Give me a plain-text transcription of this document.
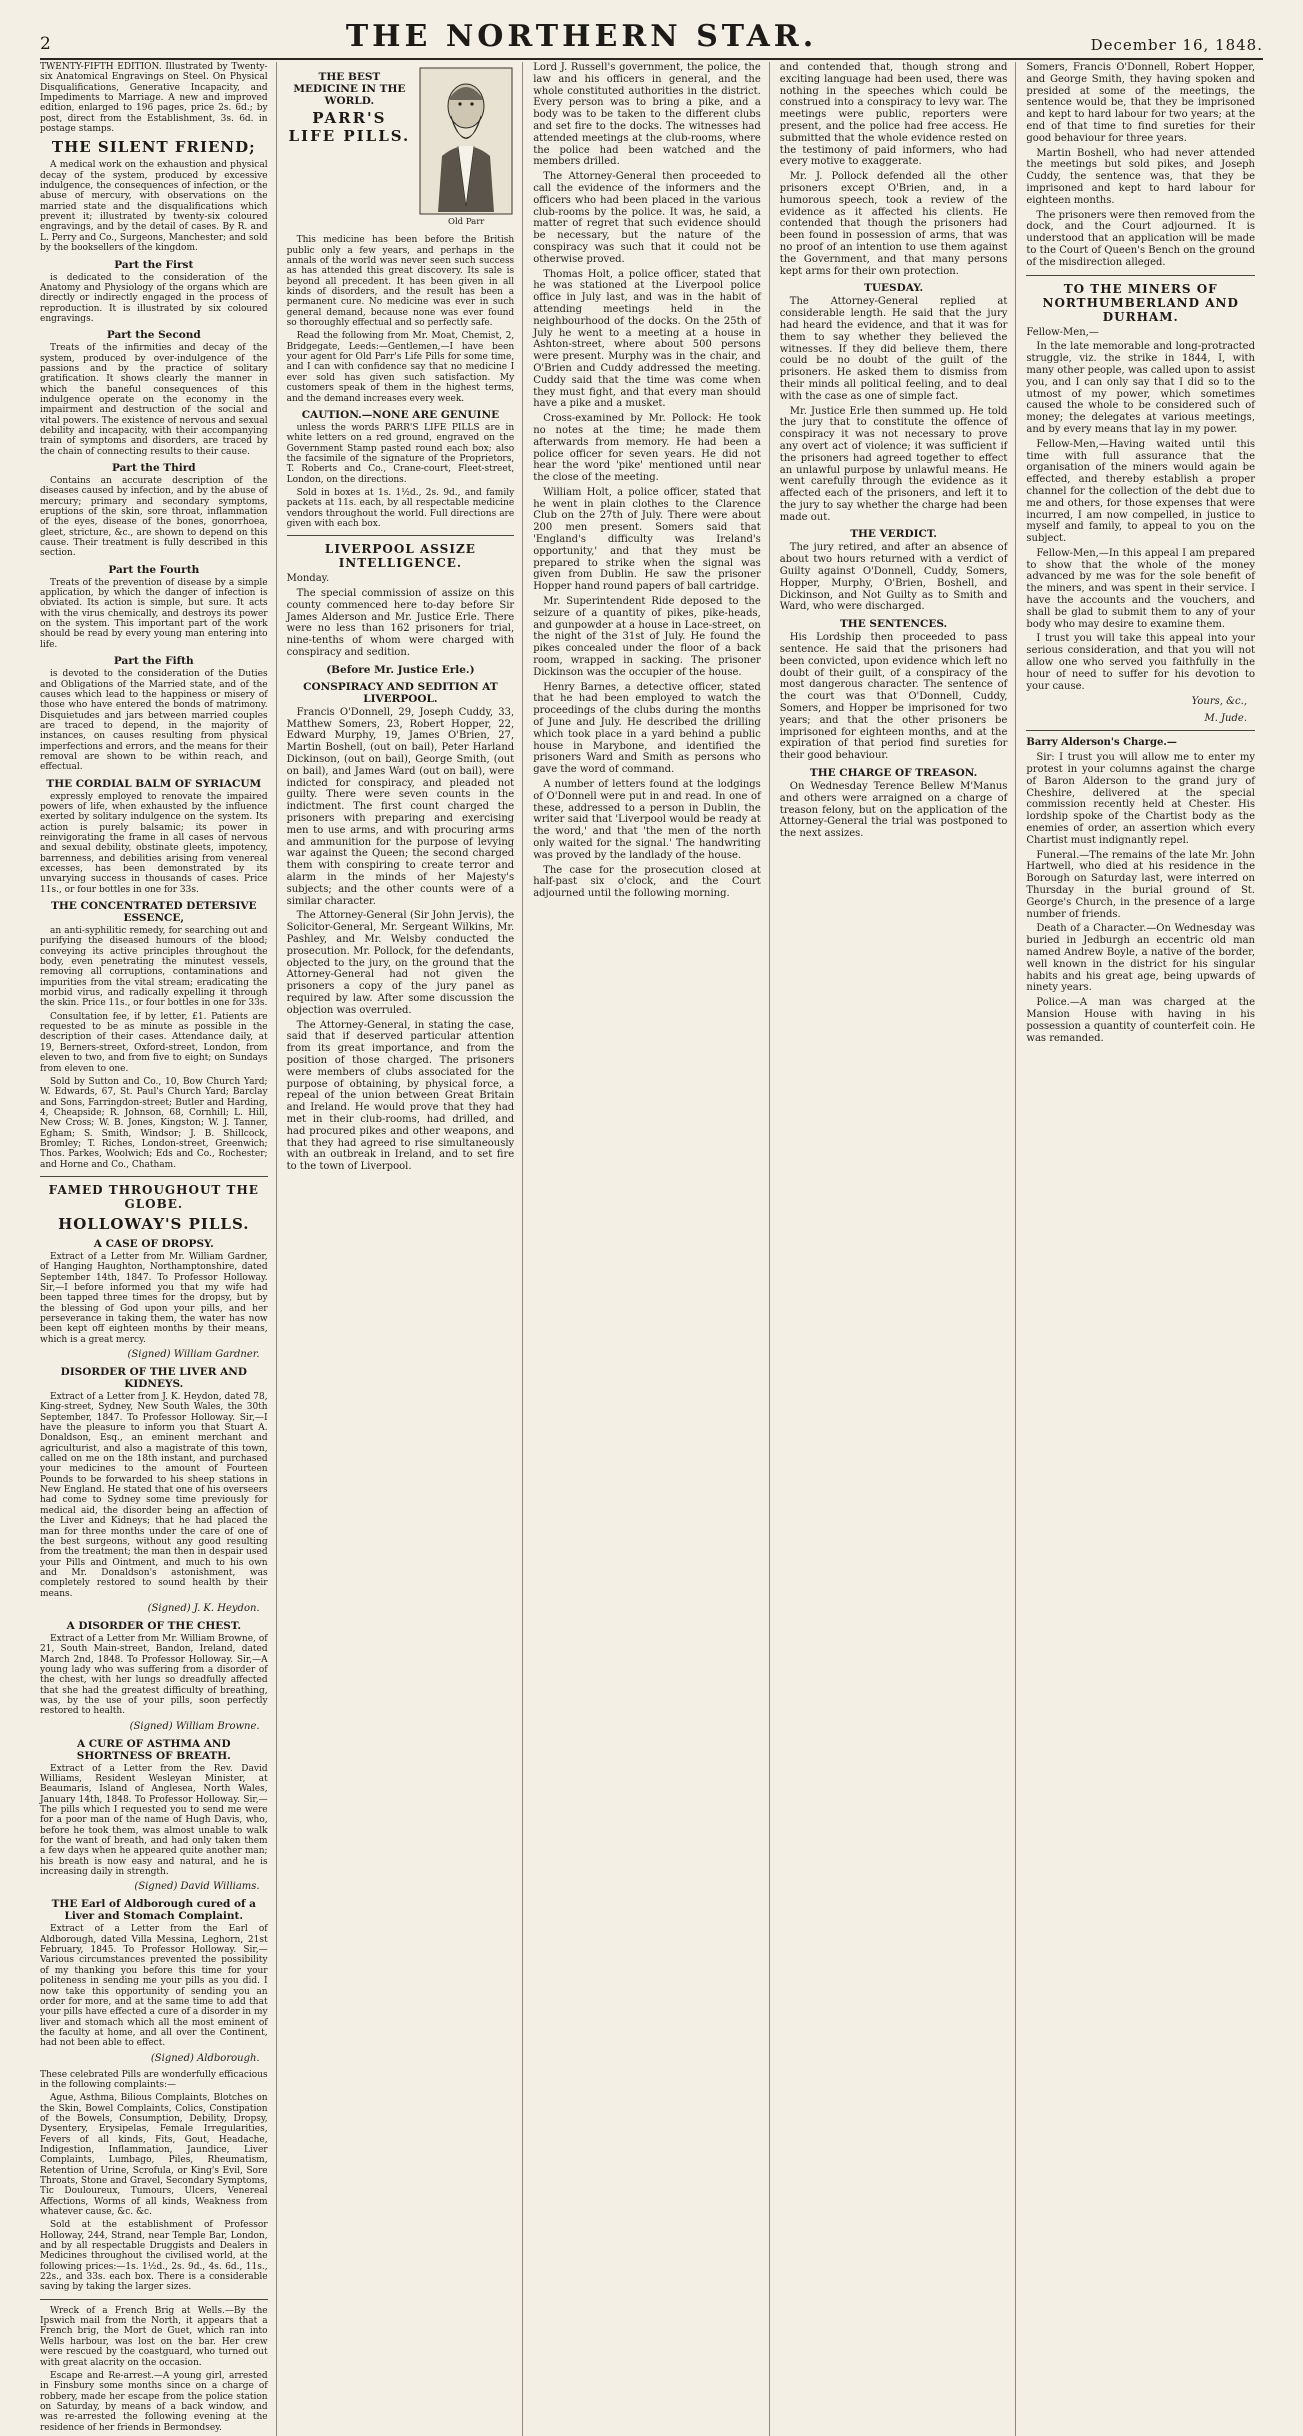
2	THE NORTHERN STAR.	December 16, 1848.

TWENTY-FIFTH EDITION. Illustrated by Twenty-six Anatomical Engravings on Steel. On Physical Disqualifications, Generative Incapacity, and Impediments to Marriage. A new and improved edition, enlarged to 196 pages, price 2s. 6d.; by post, direct from the Establishment, 3s. 6d. in postage stamps.

THE SILENT FRIEND;

A medical work on the exhaustion and physical decay of the system, produced by excessive indulgence, the consequences of infection, or the abuse of mercury, with observations on the married state and the disqualifications which prevent it; illustrated by twenty-six coloured engravings, and by the detail of cases. By R. and L. Perry and Co., Surgeons, Manchester; and sold by the booksellers of the kingdom.

Part the First

is dedicated to the consideration of the Anatomy and Physiology of the organs which are directly or indirectly engaged in the process of reproduction. It is illustrated by six coloured engravings.

Part the Second

Treats of the infirmities and decay of the system, produced by over-indulgence of the passions and by the practice of solitary gratification. It shows clearly the manner in which the baneful consequences of this indulgence operate on the economy in the impairment and destruction of the social and vital powers. The existence of nervous and sexual debility and incapacity, with their accompanying train of symptoms and disorders, are traced by the chain of connecting results to their cause.

Part the Third

Contains an accurate description of the diseases caused by infection, and by the abuse of mercury; primary and secondary symptoms, eruptions of the skin, sore throat, inflammation of the eyes, disease of the bones, gonorrhoea, gleet, stricture, &c., are shown to depend on this cause. Their treatment is fully described in this section.

Part the Fourth

Treats of the prevention of disease by a simple application, by which the danger of infection is obviated. Its action is simple, but sure. It acts with the virus chemically, and destroys its power on the system. This important part of the work should be read by every young man entering into life.

Part the Fifth

is devoted to the consideration of the Duties and Obligations of the Married state, and of the causes which lead to the happiness or misery of those who have entered the bonds of matrimony. Disquietudes and jars between married couples are traced to depend, in the majority of instances, on causes resulting from physical imperfections and errors, and the means for their removal are shown to be within reach, and effectual.

THE CORDIAL BALM OF SYRIACUM

expressly employed to renovate the impaired powers of life, when exhausted by the influence exerted by solitary indulgence on the system. Its action is purely balsamic; its power in reinvigorating the frame in all cases of nervous and sexual debility, obstinate gleets, impotency, barrenness, and debilities arising from venereal excesses, has been demonstrated by its unvarying success in thousands of cases. Price 11s., or four bottles in one for 33s.

THE CONCENTRATED DETERSIVE ESSENCE,

an anti-syphilitic remedy, for searching out and purifying the diseased humours of the blood; conveying its active principles throughout the body, even penetrating the minutest vessels, removing all corruptions, contaminations and impurities from the vital stream; eradicating the morbid virus, and radically expelling it through the skin. Price 11s., or four bottles in one for 33s.

Consultation fee, if by letter, £1. Patients are requested to be as minute as possible in the description of their cases. Attendance daily, at 19, Berners-street, Oxford-street, London, from eleven to two, and from five to eight; on Sundays from eleven to one.

Sold by Sutton and Co., 10, Bow Church Yard; W. Edwards, 67, St. Paul's Church Yard; Barclay and Sons, Farringdon-street; Butler and Harding, 4, Cheapside; R. Johnson, 68, Cornhill; L. Hill, New Cross; W. B. Jones, Kingston; W. J. Tanner, Egham; S. Smith, Windsor; J. B. Shillcock, Bromley; T. Riches, London-street, Greenwich; Thos. Parkes, Woolwich; Eds and Co., Rochester; and Horne and Co., Chatham.

FAMED THROUGHOUT THE GLOBE.
HOLLOWAY'S PILLS.
A CASE OF DROPSY.

Extract of a Letter from Mr. William Gardner, of Hanging Haughton, Northamptonshire, dated September 14th, 1847. To Professor Holloway. Sir,—I before informed you that my wife had been tapped three times for the dropsy, but by the blessing of God upon your pills, and her perseverance in taking them, the water has now been kept off eighteen months by their means, which is a great mercy.

(Signed) William Gardner.
DISORDER OF THE LIVER AND KIDNEYS.

Extract of a Letter from J. K. Heydon, dated 78, King-street, Sydney, New South Wales, the 30th September, 1847. To Professor Holloway. Sir,—I have the pleasure to inform you that Stuart A. Donaldson, Esq., an eminent merchant and agriculturist, and also a magistrate of this town, called on me on the 18th instant, and purchased your medicines to the amount of Fourteen Pounds to be forwarded to his sheep stations in New England. He stated that one of his overseers had come to Sydney some time previously for medical aid, the disorder being an affection of the Liver and Kidneys; that he had placed the man for three months under the care of one of the best surgeons, without any good resulting from the treatment; the man then in despair used your Pills and Ointment, and much to his own and Mr. Donaldson's astonishment, was completely restored to sound health by their means.

(Signed) J. K. Heydon.
A DISORDER OF THE CHEST.

Extract of a Letter from Mr. William Browne, of 21, South Main-street, Bandon, Ireland, dated March 2nd, 1848. To Professor Holloway. Sir,—A young lady who was suffering from a disorder of the chest, with her lungs so dreadfully affected that she had the greatest difficulty of breathing, was, by the use of your pills, soon perfectly restored to health.

(Signed) William Browne.
A CURE OF ASTHMA AND SHORTNESS OF BREATH.

Extract of a Letter from the Rev. David Williams, Resident Wesleyan Minister, at Beaumaris, Island of Anglesea, North Wales, January 14th, 1848. To Professor Holloway. Sir,—The pills which I requested you to send me were for a poor man of the name of Hugh Davis, who, before he took them, was almost unable to walk for the want of breath, and had only taken them a few days when he appeared quite another man; his breath is now easy and natural, and he is increasing daily in strength.

(Signed) David Williams.
THE Earl of Aldborough cured of a Liver and Stomach Complaint.

Extract of a Letter from the Earl of Aldborough, dated Villa Messina, Leghorn, 21st February, 1845. To Professor Holloway. Sir,—Various circumstances prevented the possibility of my thanking you before this time for your politeness in sending me your pills as you did. I now take this opportunity of sending you an order for more, and at the same time to add that your pills have effected a cure of a disorder in my liver and stomach which all the most eminent of the faculty at home, and all over the Continent, had not been able to effect.

(Signed) Aldborough.

These celebrated Pills are wonderfully efficacious in the following complaints:—

Ague, Asthma, Bilious Complaints, Blotches on the Skin, Bowel Complaints, Colics, Constipation of the Bowels, Consumption, Debility, Dropsy, Dysentery, Erysipelas, Female Irregularities, Fevers of all kinds, Fits, Gout, Headache, Indigestion, Inflammation, Jaundice, Liver Complaints, Lumbago, Piles, Rheumatism, Retention of Urine, Scrofula, or King's Evil, Sore Throats, Stone and Gravel, Secondary Symptoms, Tic Douloureux, Tumours, Ulcers, Venereal Affections, Worms of all kinds, Weakness from whatever cause, &c. &c.

Sold at the establishment of Professor Holloway, 244, Strand, near Temple Bar, London, and by all respectable Druggists and Dealers in Medicines throughout the civilised world, at the following prices:—1s. 1½d., 2s. 9d., 4s. 6d., 11s., 22s., and 33s. each box. There is a considerable saving by taking the larger sizes.

Wreck of a French Brig at Wells.—By the Ipswich mail from the North, it appears that a French brig, the Mort de Guet, which ran into Wells harbour, was lost on the bar. Her crew were rescued by the coastguard, who turned out with great alacrity on the occasion.

Escape and Re-arrest.—A young girl, arrested in Finsbury some months since on a charge of robbery, made her escape from the police station on Saturday, by means of a back window, and was re-arrested the following evening at the residence of her friends in Bermondsey.

THE BEST MEDICINE IN THE WORLD.
PARR'S LIFE PILLS.
Old Parr

This medicine has been before the British public only a few years, and perhaps in the annals of the world was never seen such success as has attended this great discovery. Its sale is beyond all precedent. It has been given in all kinds of disorders, and the result has been a permanent cure. No medicine was ever in such general demand, because none was ever found so thoroughly effectual and so perfectly safe.

Read the following from Mr. Moat, Chemist, 2, Bridgegate, Leeds:—Gentlemen,—I have been your agent for Old Parr's Life Pills for some time, and I can with confidence say that no medicine I ever sold has given such satisfaction. My customers speak of them in the highest terms, and the demand increases every week.

CAUTION.—NONE ARE GENUINE

unless the words PARR'S LIFE PILLS are in white letters on a red ground, engraved on the Government Stamp pasted round each box; also the facsimile of the signature of the Proprietors, T. Roberts and Co., Crane-court, Fleet-street, London, on the directions.

Sold in boxes at 1s. 1½d., 2s. 9d., and family packets at 11s. each, by all respectable medicine vendors throughout the world. Full directions are given with each box.

LIVERPOOL ASSIZE INTELLIGENCE.

Monday.

The special commission of assize on this county commenced here to-day before Sir James Alderson and Mr. Justice Erle. There were no less than 162 prisoners for trial, nine-tenths of whom were charged with conspiracy and sedition.

(Before Mr. Justice Erle.)
CONSPIRACY AND SEDITION AT LIVERPOOL.

Francis O'Donnell, 29, Joseph Cuddy, 33, Matthew Somers, 23, Robert Hopper, 22, Edward Murphy, 19, James O'Brien, 27, Martin Boshell, (out on bail), Peter Harland Dickinson, (out on bail), George Smith, (out on bail), and James Ward (out on bail), were indicted for conspiracy, and pleaded not guilty. There were seven counts in the indictment. The first count charged the prisoners with preparing and exercising men to use arms, and with procuring arms and ammunition for the purpose of levying war against the Queen; the second charged them with conspiring to create terror and alarm in the minds of her Majesty's subjects; and the other counts were of a similar character.

The Attorney-General (Sir John Jervis), the Solicitor-General, Mr. Sergeant Wilkins, Mr. Pashley, and Mr. Welsby conducted the prosecution. Mr. Pollock, for the defendants, objected to the jury, on the ground that the Attorney-General had not given the prisoners a copy of the jury panel as required by law. After some discussion the objection was overruled.

The Attorney-General, in stating the case, said that if deserved particular attention from its great importance, and from the position of those charged. The prisoners were members of clubs associated for the purpose of obtaining, by physical force, a repeal of the union between Great Britain and Ireland. He would prove that they had met in their club-rooms, had drilled, and had procured pikes and other weapons, and that they had agreed to rise simultaneously with an outbreak in Ireland, and to set fire to the town of Liverpool.

Lord J. Russell's government, the police, the law and his officers in general, and the whole constituted authorities in the district. Every person was to bring a pike, and a body was to be taken to the different clubs and set fire to the docks. The witnesses had attended meetings at the club-rooms, where the police had been watched and the members drilled.

The Attorney-General then proceeded to call the evidence of the informers and the officers who had been placed in the various club-rooms by the police. It was, he said, a matter of regret that such evidence should be necessary, but the nature of the conspiracy was such that it could not be otherwise proved.

Thomas Holt, a police officer, stated that he was stationed at the Liverpool police office in July last, and was in the habit of attending meetings held in the neighbourhood of the docks. On the 25th of July he went to a meeting at a house in Ashton-street, where about 500 persons were present. Murphy was in the chair, and O'Brien and Cuddy addressed the meeting. Cuddy said that the time was come when they must fight, and that every man should have a pike and a musket.

Cross-examined by Mr. Pollock: He took no notes at the time; he made them afterwards from memory. He had been a police officer for seven years. He did not hear the word 'pike' mentioned until near the close of the meeting.

William Holt, a police officer, stated that he went in plain clothes to the Clarence Club on the 27th of July. There were about 200 men present. Somers said that 'England's difficulty was Ireland's opportunity,' and that they must be prepared to strike when the signal was given from Dublin. He saw the prisoner Hopper hand round papers of ball cartridge.

Mr. Superintendent Ride deposed to the seizure of a quantity of pikes, pike-heads, and gunpowder at a house in Lace-street, on the night of the 31st of July. He found the pikes concealed under the floor of a back room, wrapped in sacking. The prisoner Dickinson was the occupier of the house.

Henry Barnes, a detective officer, stated that he had been employed to watch the proceedings of the clubs during the months of June and July. He described the drilling which took place in a yard behind a public house in Marybone, and identified the prisoners Ward and Smith as persons who gave the word of command.

A number of letters found at the lodgings of O'Donnell were put in and read. In one of these, addressed to a person in Dublin, the writer said that 'Liverpool would be ready at the word,' and that 'the men of the north only waited for the signal.' The handwriting was proved by the landlady of the house.

The case for the prosecution closed at half-past six o'clock, and the Court adjourned until the following morning.

and contended that, though strong and exciting language had been used, there was nothing in the speeches which could be construed into a conspiracy to levy war. The meetings were public, reporters were present, and the police had free access. He submitted that the whole evidence rested on the testimony of paid informers, who had every motive to exaggerate.

Mr. J. Pollock defended all the other prisoners except O'Brien, and, in a humorous speech, took a review of the evidence as it affected his clients. He contended that though the prisoners had been found in possession of arms, that was no proof of an intention to use them against the Government, and that many persons kept arms for their own protection.

TUESDAY.

The Attorney-General replied at considerable length. He said that the jury had heard the evidence, and that it was for them to say whether they believed the witnesses. If they did believe them, there could be no doubt of the guilt of the prisoners. He asked them to dismiss from their minds all political feeling, and to deal with the case as one of simple fact.

Mr. Justice Erle then summed up. He told the jury that to constitute the offence of conspiracy it was not necessary to prove any overt act of violence; it was sufficient if the prisoners had agreed together to effect an unlawful purpose by unlawful means. He went carefully through the evidence as it affected each of the prisoners, and left it to the jury to say whether the charge had been made out.

THE VERDICT.

The jury retired, and after an absence of about two hours returned with a verdict of Guilty against O'Donnell, Cuddy, Somers, Hopper, Murphy, O'Brien, Boshell, and Dickinson, and Not Guilty as to Smith and Ward, who were discharged.

THE SENTENCES.

His Lordship then proceeded to pass sentence. He said that the prisoners had been convicted, upon evidence which left no doubt of their guilt, of a conspiracy of the most dangerous character. The sentence of the court was that O'Donnell, Cuddy, Somers, and Hopper be imprisoned for two years; and that the other prisoners be imprisoned for eighteen months, and at the expiration of that period find sureties for their good behaviour.

THE CHARGE OF TREASON.

On Wednesday Terence Bellew M'Manus and others were arraigned on a charge of treason felony, but on the application of the Attorney-General the trial was postponed to the next assizes.

Somers, Francis O'Donnell, Robert Hopper, and George Smith, they having spoken and presided at some of the meetings, the sentence would be, that they be imprisoned and kept to hard labour for two years; at the end of that time to find sureties for their good behaviour for three years.

Martin Boshell, who had never attended the meetings but sold pikes, and Joseph Cuddy, the sentence was, that they be imprisoned and kept to hard labour for eighteen months.

The prisoners were then removed from the dock, and the Court adjourned. It is understood that an application will be made to the Court of Queen's Bench on the ground of the misdirection alleged.

TO THE MINERS OF NORTHUMBERLAND AND DURHAM.

Fellow-Men,—

In the late memorable and long-protracted struggle, viz. the strike in 1844, I, with many other people, was called upon to assist you, and I can only say that I did so to the utmost of my power, which sometimes caused the whole to be considered such of money; the delegates at various meetings, and by every means that lay in my power.

Fellow-Men,—Having waited until this time with full assurance that the organisation of the miners would again be effected, and thereby establish a proper channel for the collection of the debt due to me and others, for those expenses that were incurred, I am now compelled, in justice to myself and family, to appeal to you on the subject.

Fellow-Men,—In this appeal I am prepared to show that the whole of the money advanced by me was for the sole benefit of the miners, and was spent in their service. I have the accounts and the vouchers, and shall be glad to submit them to any of your body who may desire to examine them.

I trust you will take this appeal into your serious consideration, and that you will not allow one who served you faithfully in the hour of need to suffer for his devotion to your cause.

Yours, &c.,
M. Jude.

Barry Alderson's Charge.—

Sir: I trust you will allow me to enter my protest in your columns against the charge of Baron Alderson to the grand jury of Cheshire, delivered at the special commission recently held at Chester. His lordship spoke of the Chartist body as the enemies of order, an assertion which every Chartist must indignantly repel.

Funeral.—The remains of the late Mr. John Hartwell, who died at his residence in the Borough on Saturday last, were interred on Thursday in the burial ground of St. George's Church, in the presence of a large number of friends.

Death of a Character.—On Wednesday was buried in Jedburgh an eccentric old man named Andrew Boyle, a native of the border, well known in the district for his singular habits and his great age, being upwards of ninety years.

Police.—A man was charged at the Mansion House with having in his possession a quantity of counterfeit coin. He was remanded.
